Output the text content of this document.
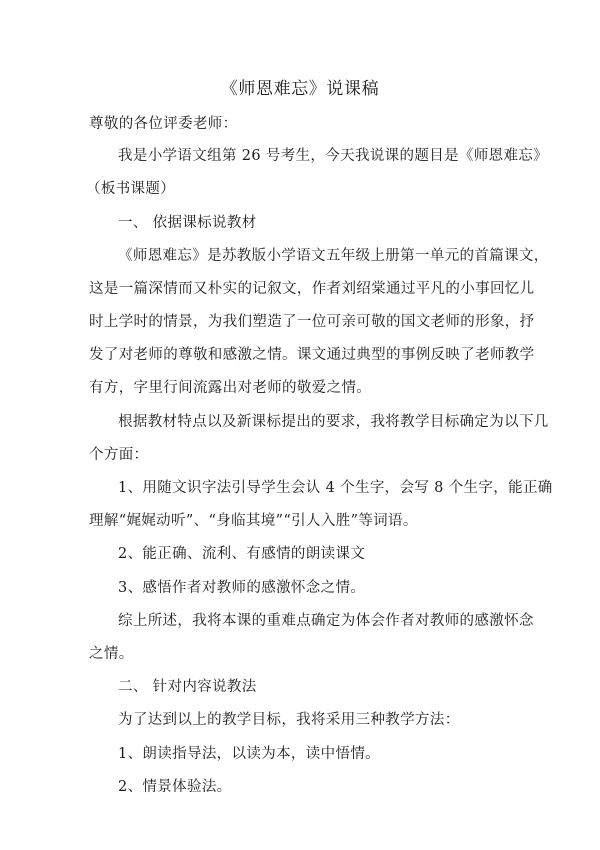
《师恩难忘》说课稿
尊敬的各位评委老师：
我是小学语文组第 26 号考生，今天我说课的题目是《师恩难忘》
（板书课题）
一、 依据课标说教材
《师恩难忘》是苏教版小学语文五年级上册第一单元的首篇课文，
这是一篇深情而又朴实的记叙文，作者刘绍棠通过平凡的小事回忆儿
时上学时的情景，为我们塑造了一位可亲可敬的国文老师的形象，抒
发了对老师的尊敬和感激之情。课文通过典型的事例反映了老师教学
有方，字里行间流露出对老师的敬爱之情。
根据教材特点以及新课标提出的要求，我将教学目标确定为以下几
个方面：
1、用随文识字法引导学生会认 4 个生字，会写 8 个生字，能正确
理解“娓娓动听”、“身临其境”“引人入胜”等词语。
2、能正确、流利、有感情的朗读课文
3、感悟作者对教师的感激怀念之情。
综上所述，我将本课的重难点确定为体会作者对教师的感激怀念
之情。
二、 针对内容说教法
为了达到以上的教学目标，我将采用三种教学方法：
1、朗读指导法，以读为本，读中悟情。
2、情景体验法。
